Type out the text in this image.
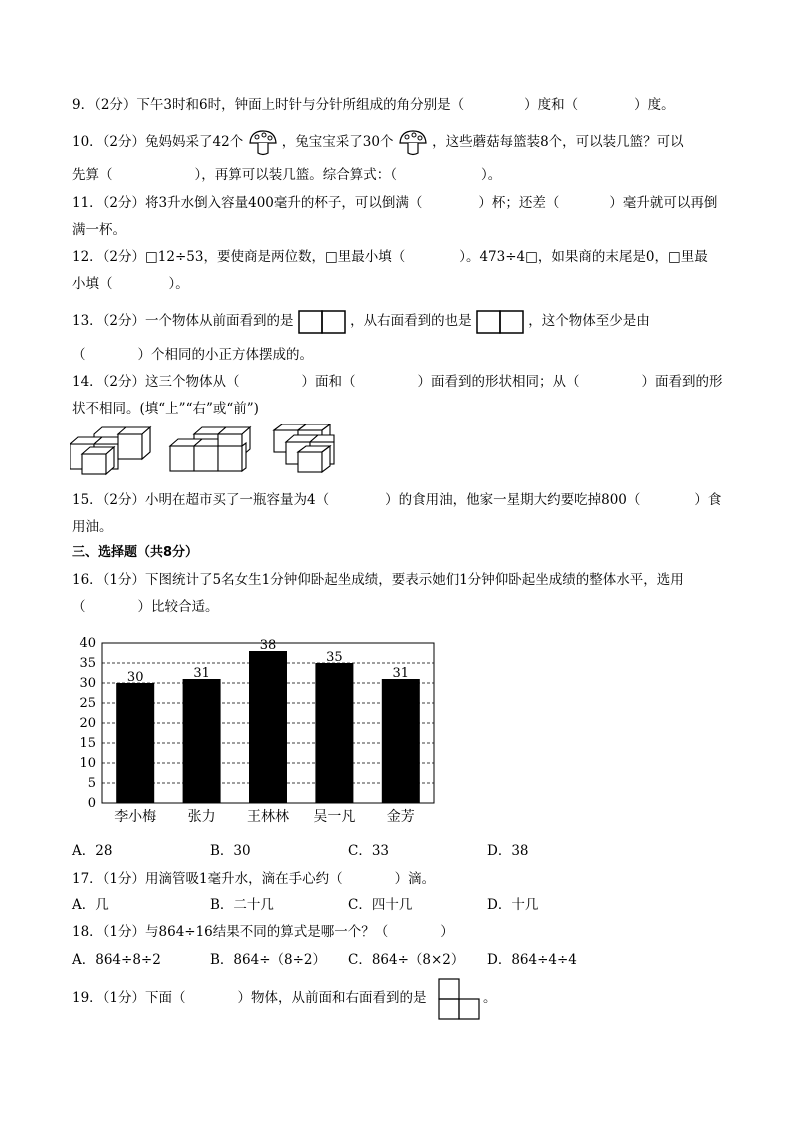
9．（2分）下午3时和6时，钟面上时针与分针所组成的角分别是（	）度和（	）度。
10．（2分）兔妈妈采了42个	，兔宝宝采了30个	，这些蘑菇每篮装8个，可以装几篮？可以
先算（	），再算可以装几篮。综合算式：（	）。
11．（2分）将3升水倒入容量400毫升的杯子，可以倒满（	）杯；还差（	）毫升就可以再倒
满一杯。
12．（2分）□12÷53，要使商是两位数，□里最小填（	）。473÷4□，如果商的末尾是0，□里最
小填（	）。
13．（2分）一个物体从前面看到的是	，从右面看到的也是	，这个物体至少是由
（	）个相同的小正方体摆成的。
14．（2分）这三个物体从（	）面和（	）面看到的形状相同；从（	）面看到的形
状不相同。(填“上”“右”或“前”)
15．（2分）小明在超市买了一瓶容量为4（	）的食用油，他家一星期大约要吃掉800（	）食
用油。
三、选择题（共8分）
16．（1分）下图统计了5名女生1分钟仰卧起坐成绩，要表示她们1分钟仰卧起坐成绩的整体水平，选用
（	）比较合适。
0
5
10
15
20
25
30
35
40
30
李小梅
31
张力
38
王林林
35
吴一凡
31
金芳
A．28	B．30	C．33	D．38
17．（1分）用滴管吸1毫升水，滴在手心约（	）滴。
A．几	B．二十几	C．四十几	D．十几
18．（1分）与864÷16结果不同的算式是哪一个？（	）
A．864÷8÷2	B．864÷（8÷2） C．864÷（8×2） D．864÷4÷4
19．（1分）下面（	）物体，从前面和右面看到的是	。
